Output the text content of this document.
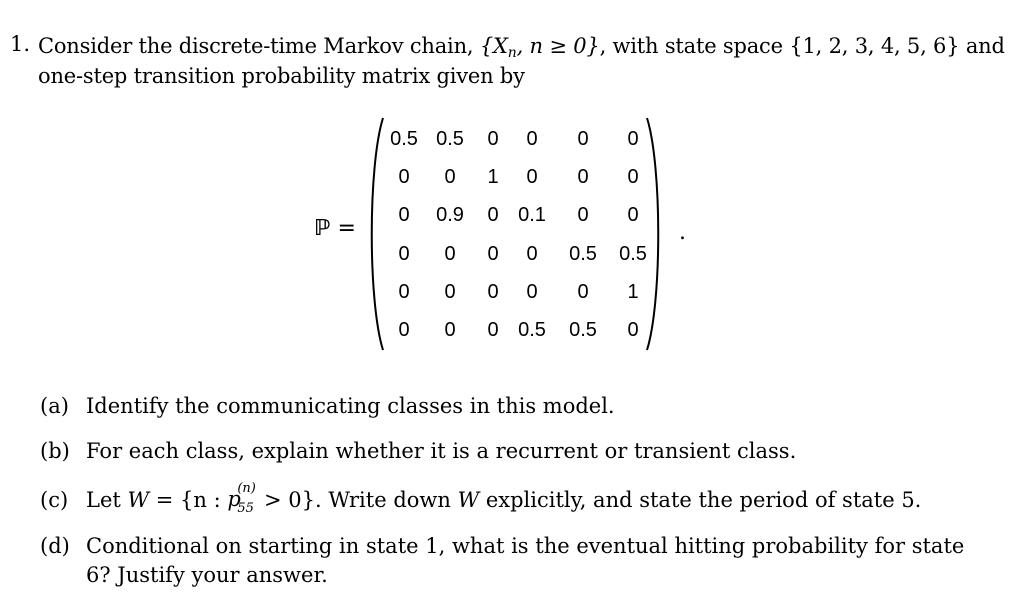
1. Consider the discrete-time Markov chain, {$X_n$, n ≥ 0}, with state space {1, 2, 3, 4, 5, 6} and
one-step transition probability matrix given by
ℙ =
0.5	0.5	0	0	0	0
0	0	1	0	0	0
0	0.9	0	0.1	0	0
0	0	0	0	0.5	0.5
0	0	0	0	0	1
0	0	0	0.5	0.5	0
.
(a) Identify the communicating classes in this model.
(b) For each class, explain whether it is a recurrent or transient class.
(c) Let W = {n : p
(n)
55 > 0}. Write down W explicitly, and state the period of state 5.
(d) Conditional on starting in state 1, what is the eventual hitting probability for state
6? Justify your answer.
